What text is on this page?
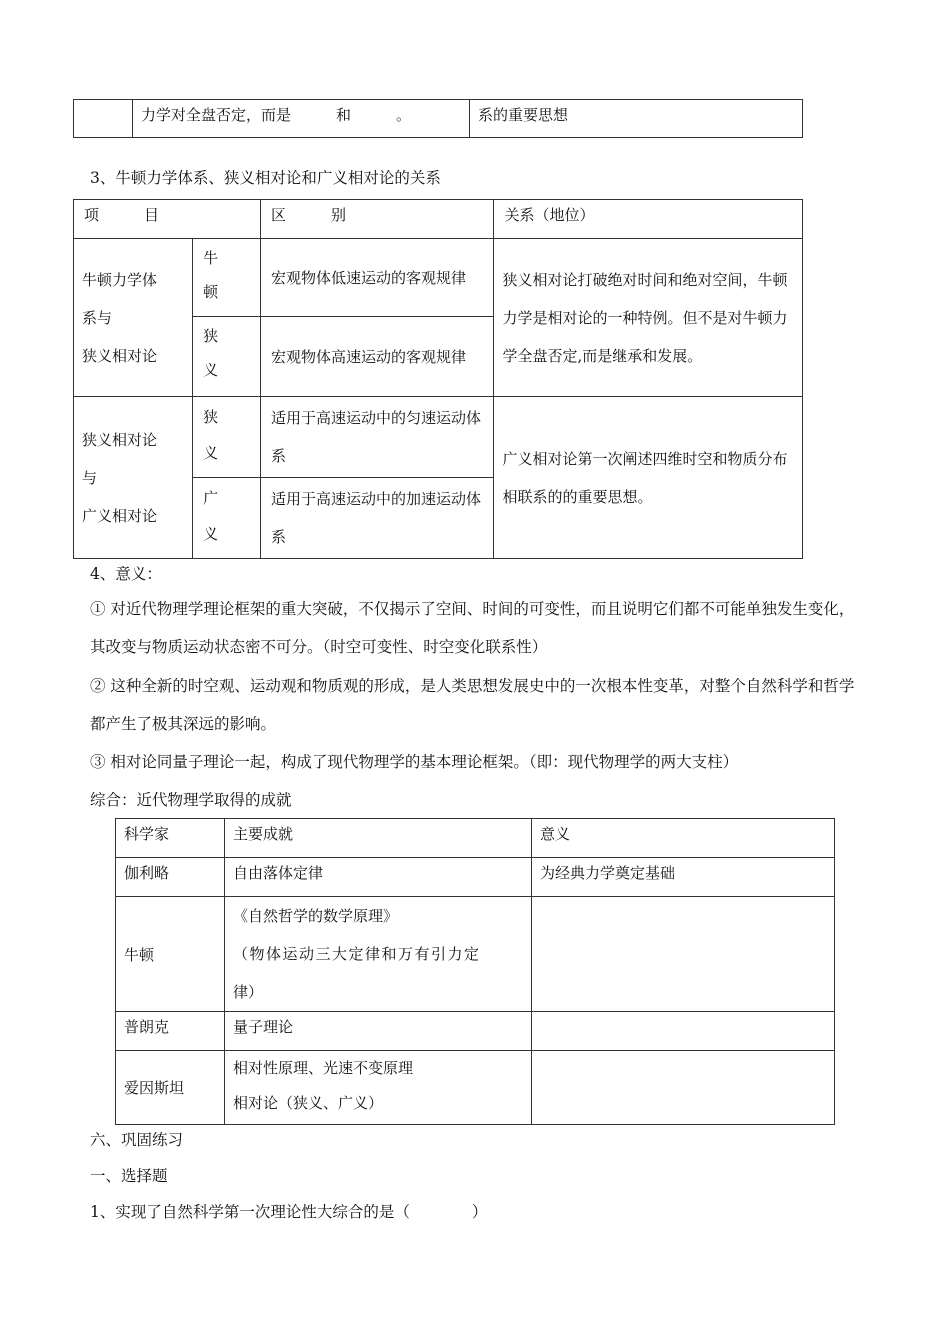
	力学对全盘否定，而是　　　和　　　。	系的重要思想
3、牛顿力学体系、狭义相对论和广义相对论的关系
项　　　目		区　　　别	关系（地位）
牛顿力学体
系与
狭义相对论	牛
顿	宏观物体低速运动的客观规律	狭义相对论打破绝对时间和绝对空间，牛顿力学是相对论的一种特例。但不是对牛顿力学全盘否定,而是继承和发展。
	狭
义	宏观物体高速运动的客观规律	
狭义相对论
与
广义相对论	狭
义	适用于高速运动中的匀速运动体系	广义相对论第一次阐述四维时空和物质分布相联系的的重要思想。
	广
义	适用于高速运动中的加速运动体系	
4、意义：
① 对近代物理学理论框架的重大突破，不仅揭示了空间、时间的可变性，而且说明它们都不可能单独发生变化，其改变与物质运动状态密不可分。（时空可变性、时空变化联系性）
② 这种全新的时空观、运动观和物质观的形成，是人类思想发展史中的一次根本性变革，对整个自然科学和哲学都产生了极其深远的影响。
③ 相对论同量子理论一起，构成了现代物理学的基本理论框架。（即：现代物理学的两大支柱）
综合：近代物理学取得的成就
科学家	主要成就	意义
伽利略	自由落体定律	为经典力学奠定基础
牛顿	《自然哲学的数学原理》
（物体运动三大定律和万有引力定
律）	
普朗克	量子理论	
爱因斯坦	相对性原理、光速不变原理
相对论（狭义、广义）	
六、巩固练习
一、选择题
1、实现了自然科学第一次理论性大综合的是（　　　　）
